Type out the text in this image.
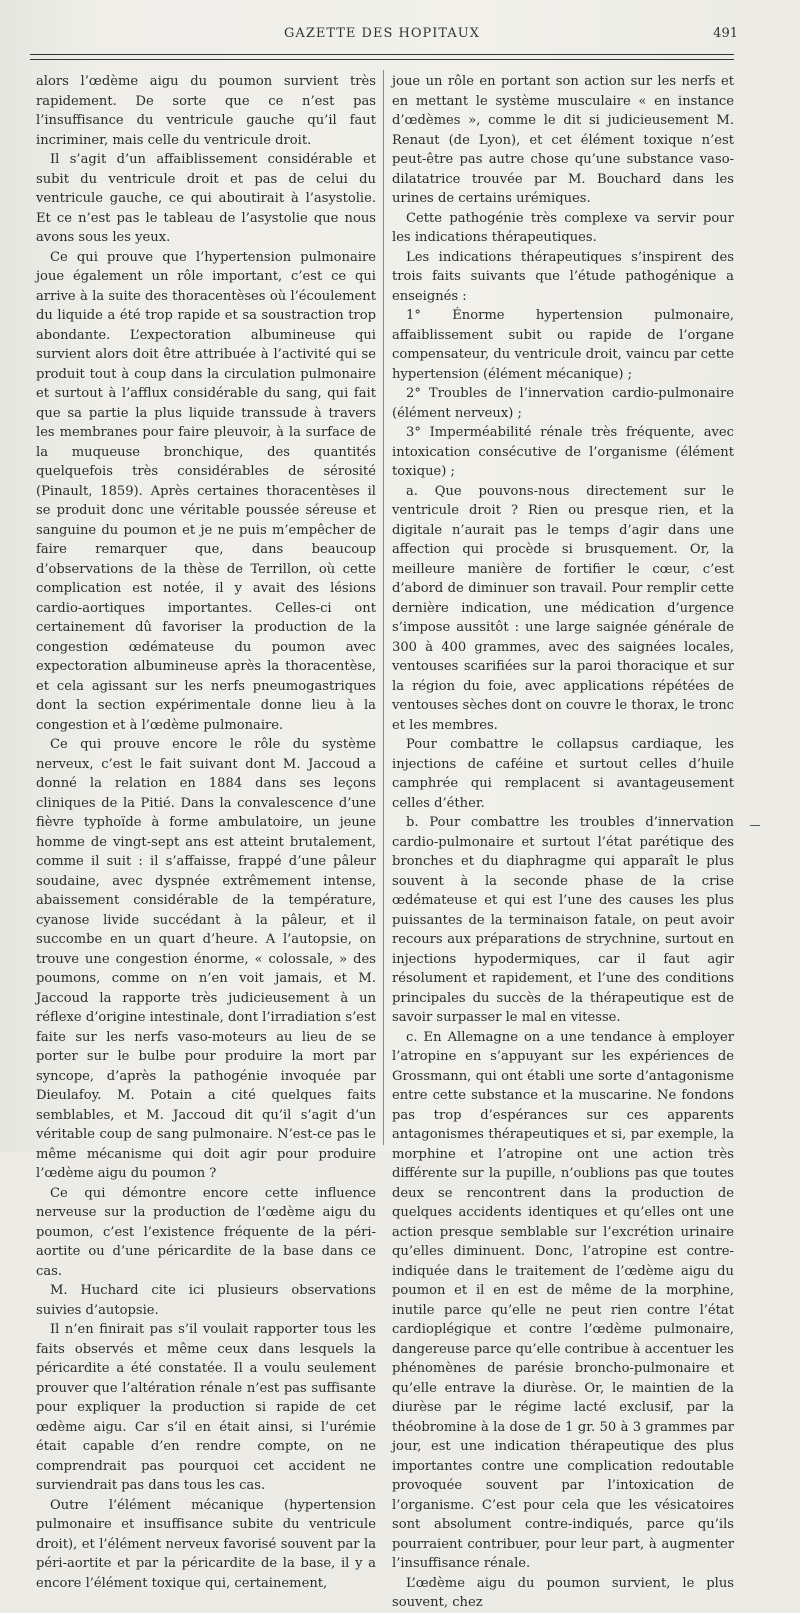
GAZETTE DES HOPITAUX	491

alors l’œdème aigu du poumon survient très rapidement. De sorte que ce n’est pas l’insuffisance du ventricule gauche qu’il faut incriminer, mais celle du ventricule droit.

Il s’agit d’un affaiblissement considérable et subit du ventricule droit et pas de celui du ventricule gauche, ce qui aboutirait à l’asystolie. Et ce n’est pas le tableau de l’asystolie que nous avons sous les yeux.

Ce qui prouve que l’hypertension pulmonaire joue également un rôle important, c’est ce qui arrive à la suite des thoracentèses où l’écoulement du liquide a été trop rapide et sa soustraction trop abondante. L’expectoration albumineuse qui survient alors doit être attribuée à l’activité qui se produit tout à coup dans la circulation pulmonaire et surtout à l’afflux considérable du sang, qui fait que sa partie la plus liquide transsude à travers les membranes pour faire pleuvoir, à la surface de la muqueuse bronchique, des quantités quelquefois très considérables de sérosité (Pinault, 1859). Après certaines thoracentèses il se produit donc une véritable poussée séreuse et sanguine du poumon et je ne puis m’empêcher de faire remarquer que, dans beaucoup d’observations de la thèse de Terrillon, où cette complication est notée, il y avait des lésions cardio-aortiques importantes. Celles-ci ont certainement dû favoriser la production de la congestion œdémateuse du poumon avec expectoration albumineuse après la thoracentèse, et cela agissant sur les nerfs pneumogastriques dont la section expérimentale donne lieu à la congestion et à l’œdème pulmonaire.

Ce qui prouve encore le rôle du système nerveux, c’est le fait suivant dont M. Jaccoud a donné la relation en 1884 dans ses leçons cliniques de la Pitié. Dans la convalescence d’une fièvre typhoïde à forme ambulatoire, un jeune homme de vingt-sept ans est atteint brutalement, comme il suit : il s’affaisse, frappé d’une pâleur soudaine, avec dyspnée extrêmement intense, abaissement considérable de la température, cyanose livide succédant à la pâleur, et il succombe en un quart d’heure. A l’autopsie, on trouve une congestion énorme, « colossale, » des poumons, comme on n’en voit jamais, et M. Jaccoud la rapporte très judicieusement à un réflexe d’origine intestinale, dont l’irradiation s’est faite sur les nerfs vaso-moteurs au lieu de se porter sur le bulbe pour produire la mort par syncope, d’après la pathogénie invoquée par Dieulafoy. M. Potain a cité quelques faits semblables, et M. Jaccoud dit qu’il s’agit d’un véritable coup de sang pulmonaire. N’est-ce pas le même mécanisme qui doit agir pour produire l’œdème aigu du poumon ?

Ce qui démontre encore cette influence nerveuse sur la production de l’œdème aigu du poumon, c’est l’existence fréquente de la péri-aortite ou d’une péricardite de la base dans ce cas.

M. Huchard cite ici plusieurs observations suivies d’autopsie.

Il n’en finirait pas s’il voulait rapporter tous les faits observés et même ceux dans lesquels la péricardite a été constatée. Il a voulu seulement prouver que l’altération rénale n’est pas suffisante pour expliquer la production si rapide de cet œdème aigu. Car s’il en était ainsi, si l’urémie était capable d’en rendre compte, on ne comprendrait pas pourquoi cet accident ne surviendrait pas dans tous les cas.

Outre l’élément mécanique (hypertension pulmonaire et insuffisance subite du ventricule droit), et l’élément nerveux favorisé souvent par la péri-aortite et par la péricardite de la base, il y a encore l’élément toxique qui, certainement,

joue un rôle en portant son action sur les nerfs et en mettant le système musculaire « en instance d’œdèmes », comme le dit si judicieusement M. Renaut (de Lyon), et cet élément toxique n’est peut-être pas autre chose qu’une substance vaso-dilatatrice trouvée par M. Bouchard dans les urines de certains urémiques.

Cette pathogénie très complexe va servir pour les indications thérapeutiques.

Les indications thérapeutiques s’inspirent des trois faits suivants que l’étude pathogénique a enseignés :

1° Énorme hypertension pulmonaire, affaiblissement subit ou rapide de l’organe compensateur, du ventricule droit, vaincu par cette hypertension (élément mécanique) ;

2° Troubles de l’innervation cardio-pulmonaire (élément nerveux) ;

3° Imperméabilité rénale très fréquente, avec intoxication consécutive de l’organisme (élément toxique) ;

a. Que pouvons-nous directement sur le ventricule droit ? Rien ou presque rien, et la digitale n’aurait pas le temps d’agir dans une affection qui procède si brusquement. Or, la meilleure manière de fortifier le cœur, c’est d’abord de diminuer son travail. Pour remplir cette dernière indication, une médication d’urgence s’impose aussitôt : une large saignée générale de 300 à 400 grammes, avec des saignées locales, ventouses scarifiées sur la paroi thoracique et sur la région du foie, avec applications répétées de ventouses sèches dont on couvre le thorax, le tronc et les membres.

Pour combattre le collapsus cardiaque, les injections de caféine et surtout celles d’huile camphrée qui remplacent si avantageusement celles d’éther.

b. Pour combattre les troubles d’innervation cardio-pulmonaire et surtout l’état parétique des bronches et du diaphragme qui apparaît le plus souvent à la seconde phase de la crise œdémateuse et qui est l’une des causes les plus puissantes de la terminaison fatale, on peut avoir recours aux préparations de strychnine, surtout en injections hypodermiques, car il faut agir résolument et rapidement, et l’une des conditions principales du succès de la thérapeutique est de savoir surpasser le mal en vitesse.

c. En Allemagne on a une tendance à employer l’atropine en s’appuyant sur les expériences de Grossmann, qui ont établi une sorte d’antagonisme entre cette substance et la muscarine. Ne fondons pas trop d’espérances sur ces apparents antagonismes thérapeutiques et si, par exemple, la morphine et l’atropine ont une action très différente sur la pupille, n’oublions pas que toutes deux se rencontrent dans la production de quelques accidents identiques et qu’elles ont une action presque semblable sur l’excrétion urinaire qu’elles diminuent. Donc, l’atropine est contre-indiquée dans le traitement de l’œdème aigu du poumon et il en est de même de la morphine, inutile parce qu’elle ne peut rien contre l’état cardioplégique et contre l’œdème pulmonaire, dangereuse parce qu’elle contribue à accentuer les phénomènes de parésie broncho-pulmonaire et qu’elle entrave la diurèse. Or, le maintien de la diurèse par le régime lacté exclusif, par la théobromine à la dose de 1 gr. 50 à 3 grammes par jour, est une indication thérapeutique des plus importantes contre une complication redoutable provoquée souvent par l’intoxication de l’organisme. C’est pour cela que les vésicatoires sont absolument contre-indiqués, parce qu’ils pourraient contribuer, pour leur part, à augmenter l’insuffisance rénale.

L’œdème aigu du poumon survient, le plus souvent, chez
